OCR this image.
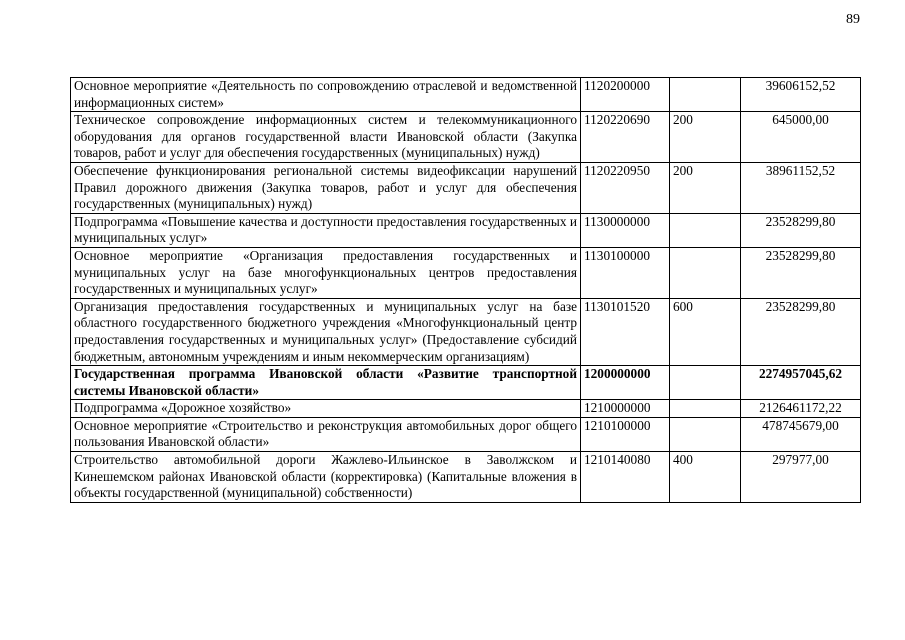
89
Основное мероприятие «Деятельность по сопровождению отраслевой и ведомственной информационных систем»	1120200000		39606152,52
Техническое сопровождение информационных систем и телекоммуникационного оборудования для органов государственной власти Ивановской области (Закупка товаров, работ и услуг для обеспечения государственных (муниципальных) нужд)	1120220690	200	645000,00
Обеспечение функционирования региональной системы видеофиксации нарушений Правил дорожного движения (Закупка товаров, работ и услуг для обеспечения государственных (муниципальных) нужд)	1120220950	200	38961152,52
Подпрограмма «Повышение качества и доступности предоставления государственных и муниципальных услуг»	1130000000		23528299,80
Основное мероприятие «Организация предоставления государственных и муниципальных услуг на базе многофункциональных центров предоставления государственных и муниципальных услуг»	1130100000		23528299,80
Организация предоставления государственных и муниципальных услуг на базе областного государственного бюджетного учреждения «Многофункциональный центр предоставления государственных и муниципальных услуг» (Предоставление субсидий бюджетным, автономным учреждениям и иным некоммерческим организациям)	1130101520	600	23528299,80
Государственная программа Ивановской области «Развитие транспортной системы Ивановской области»	1200000000		2274957045,62
Подпрограмма «Дорожное хозяйство»	1210000000		2126461172,22
Основное мероприятие «Строительство и реконструкция автомобильных дорог общего пользования Ивановской области»	1210100000		478745679,00
Строительство автомобильной дороги Жажлево-Ильинское в Заволжском и Кинешемском районах Ивановской области (корректировка) (Капитальные вложения в объекты государственной (муниципальной) собственности)	1210140080	400	297977,00
